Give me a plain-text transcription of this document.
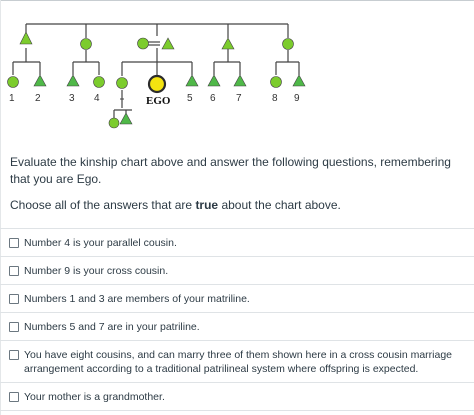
1 2	3 4	EGO 5 6 7	8 9

Evaluate the kinship chart above and answer the following questions, remembering that you are Ego.

Choose all of the answers that are true about the chart above.

Number 4 is your parallel cousin.
Number 9 is your cross cousin.
Numbers 1 and 3 are members of your matriline.
Numbers 5 and 7 are in your patriline.
You have eight cousins, and can marry three of them shown here in a cross cousin marriage arrangement according to a traditional patrilineal system where offspring is expected.
Your mother is a grandmother.
